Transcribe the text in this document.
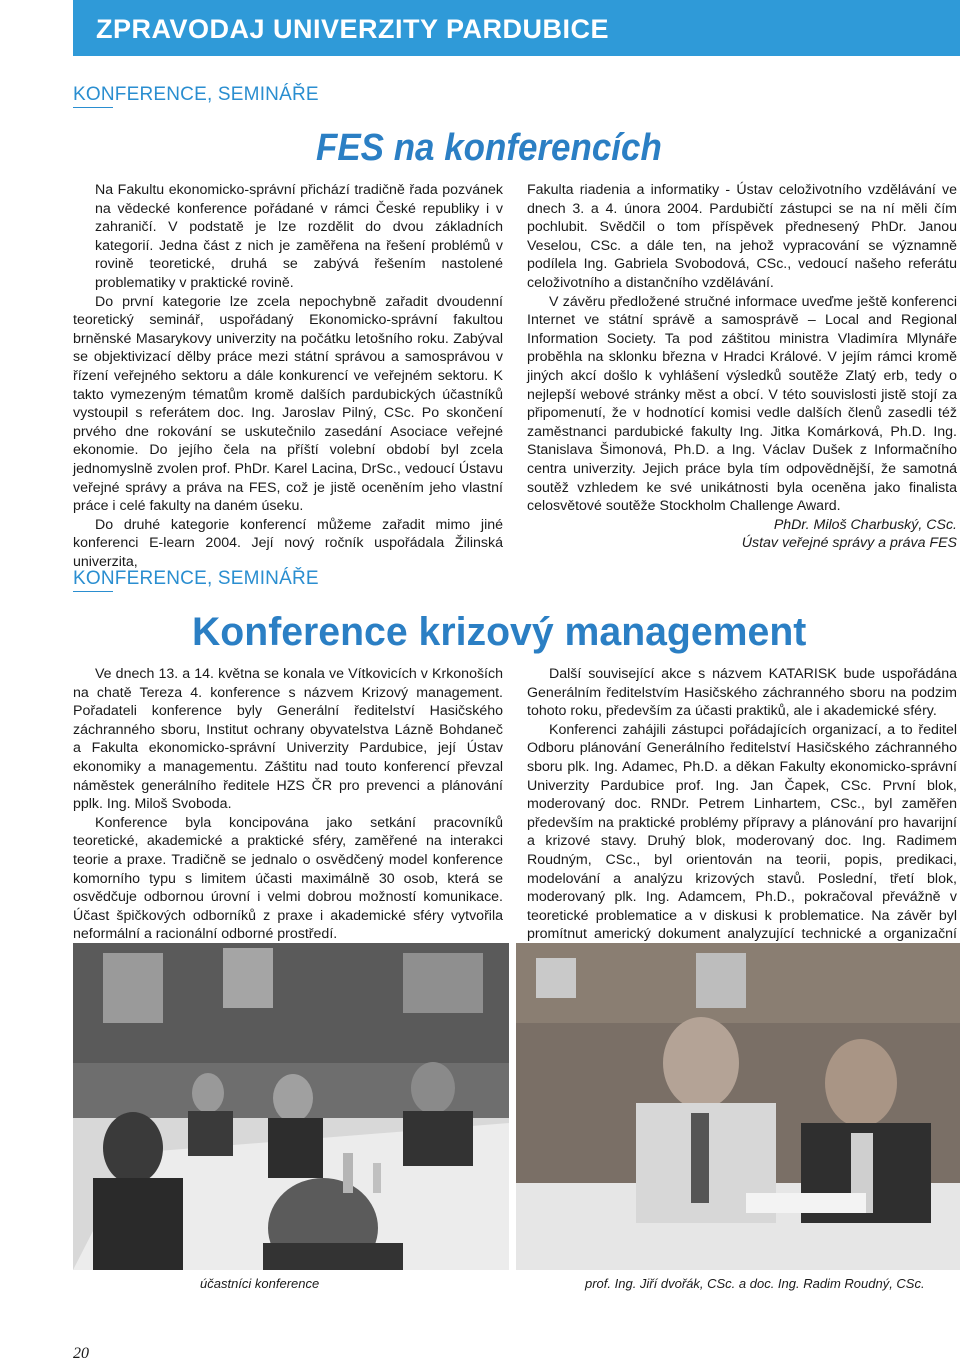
ZPRAVODAJ UNIVERZITY PARDUBICE
KONFERENCE, SEMINÁŘE
FES na konferencích

Na Fakultu ekonomicko-správní přichází tradičně řada pozvánek na vědecké konference pořádané v rámci České republiky i v zahraničí. V podstatě je lze rozdělit do dvou základních kategorií. Jedna část z nich je zaměřena na řešení problémů v rovině teoretické, druhá se zabývá řešením nastolené problematiky v praktické rovině.

Do první kategorie lze zcela nepochybně zařadit dvoudenní teoretický seminář, uspořádaný Ekonomicko-správní fakultou brněnské Masarykovy univerzity na počátku letošního roku. Zabýval se objektivizací dělby práce mezi státní správou a samosprávou v řízení veřejného sektoru a dále konkurencí ve veřejném sektoru. K takto vymezeným tématům kromě dalších pardubických účastníků vystoupil s referátem doc. Ing. Jaroslav Pilný, CSc. Po skončení prvého dne rokování se uskutečnilo zasedání Asociace veřejné ekonomie. Do jejího čela na příští volební období byl zcela jednomyslně zvolen prof. PhDr. Karel Lacina, DrSc., vedoucí Ústavu veřejné správy a práva na FES, což je jistě oceněním jeho vlastní práce i celé fakulty na daném úseku.

Do druhé kategorie konferencí můžeme zařadit mimo jiné konferenci E-learn 2004. Její nový ročník uspořádala Žilinská univerzita,

Fakulta riadenia a informatiky - Ústav celoživotního vzdělávání ve dnech 3. a 4. února 2004. Pardubičtí zástupci se na ní měli čím pochlubit. Svědčil o tom příspěvek přednesený PhDr. Janou Veselou, CSc. a dále ten, na jehož vypracování se významně podílela Ing. Gabriela Svobodová, CSc., vedoucí našeho referátu celoživotního a distančního vzdělávání.

V závěru předložené stručné informace uveďme ještě konferenci Internet ve státní správě a samosprávě – Local and Regional Information Society. Ta pod záštitou ministra Vladimíra Mlynáře proběhla na sklonku března v Hradci Králové. V jejím rámci kromě jiných akcí došlo k vyhlášení výsledků soutěže Zlatý erb, tedy o nejlepší webové stránky měst a obcí. V této souvislosti jistě stojí za připomenutí, že v hodnotící komisi vedle dalších členů zasedli též zaměstnanci pardubické fakulty Ing. Jitka Komárková, Ph.D. Ing. Stanislava Šimonová, Ph.D. a Ing. Václav Dušek z Informačního centra univerzity. Jejich práce byla tím odpovědnější, že samotná soutěž vzhledem ke své unikátnosti byla oceněna jako finalista celosvětové soutěže Stockholm Challenge Award.

PhDr. Miloš Charbuský, CSc.

Ústav veřejné správy a práva FES

KONFERENCE, SEMINÁŘE
Konference krizový management

Ve dnech 13. a 14. května se konala ve Vítkovicích v Krkonoších na chatě Tereza 4. konference s názvem Krizový management. Pořadateli konference byly Generální ředitelství Hasičského záchranného sboru, Institut ochrany obyvatelstva Lázně Bohdaneč a Fakulta ekonomicko-správní Univerzity Pardubice, její Ústav ekonomiky a managementu. Záštitu nad touto konferencí převzal náměstek generálního ředitele HZS ČR pro prevenci a plánování pplk. Ing. Miloš Svoboda.

Konference byla koncipována jako setkání pracovníků teoretické, akademické a praktické sféry, zaměřené na interakci teorie a praxe. Tradičně se jednalo o osvědčený model konference komorního typu s limitem účasti maximálně 30 osob, která se osvědčuje odbornou úrovní i velmi dobrou možností komunikace. Účast špičkových odborníků z praxe i akademické sféry vytvořila neformální a racionální odborné prostředí.

Další související akce s názvem KATARISK bude uspořádána Generálním ředitelstvím Hasičského záchranného sboru na podzim tohoto roku, především za účasti praktiků, ale i akademické sféry.

Konferenci zahájili zástupci pořádajících organizací, a to ředitel Odboru plánování Generálního ředitelství Hasičského záchranného sboru plk. Ing. Adamec, Ph.D. a děkan Fakulty ekonomicko-správní Univerzity Pardubice prof. Ing. Jan Čapek, CSc. První blok, moderovaný doc. RNDr. Petrem Linhartem, CSc., byl zaměřen především na praktické problémy přípravy a plánování pro havarijní a krizové stavy. Druhý blok, moderovaný doc. Ing. Radimem Roudným, CSc., byl orientován na teorii, popis, predikaci, modelování a analýzu krizových stavů. Poslední, třetí blok, moderovaný plk. Ing. Adamcem, Ph.D., pokračoval převážně v teoretické problematice a v diskusi k problematice. Na závěr byl promítnut americký dokument analyzující technické a organizační

účastníci konference	prof. Ing. Jiří dvořák, CSc. a doc. Ing. Radim Roudný, CSc.
20
